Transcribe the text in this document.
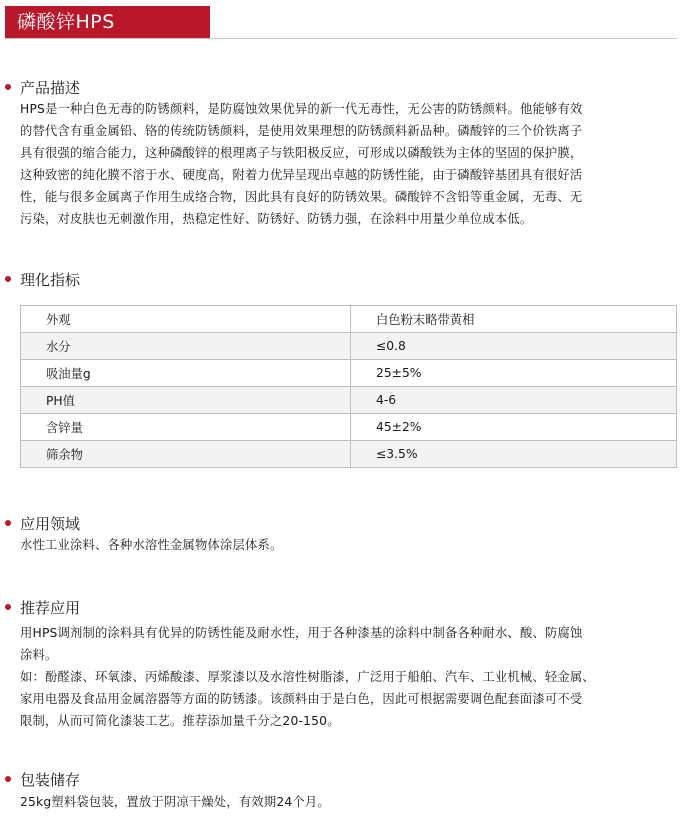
磷酸锌HPS
产品描述
HPS是一种白色无毒的防锈颜料，是防腐蚀效果优异的新一代无毒性，无公害的防锈颜料。他能够有效
的替代含有重金属铅、铬的传统防锈颜料，是使用效果理想的防锈颜料新品种。磷酸锌的三个价铁离子
具有很强的缩合能力，这种磷酸锌的根理离子与铁阳极反应，可形成以磷酸铁为主体的坚固的保护膜，
这种致密的纯化膜不溶于水、硬度高，附着力优异呈现出卓越的防锈性能，由于磷酸锌基团具有很好活
性，能与很多金属离子作用生成络合物，因此具有良好的防锈效果。磷酸锌不含铅等重金属，无毒、无
污染，对皮肤也无刺激作用，热稳定性好、防锈好、防锈力强，在涂料中用量少单位成本低。
理化指标
外观	白色粉末略带黄相
水分	≤0.8
吸油量g	25±5%
PH值	4-6
含锌量	45±2%
筛余物	≤3.5%
应用领域
水性工业涂料、各种水溶性金属物体涂层体系。
推荐应用
用HPS调剂制的涂料具有优异的防锈性能及耐水性，用于各种漆基的涂料中制备各种耐水、酸、防腐蚀
涂料。
如：酚醛漆、环氧漆、丙烯酸漆、厚浆漆以及水溶性树脂漆，广泛用于船舶、汽车、工业机械、轻金属、
家用电器及食品用金属溶器等方面的防锈漆。该颜料由于是白色，因此可根据需要调色配套面漆可不受
限制，从而可简化漆装工艺。推荐添加量千分之20-150。
包装储存
25kg塑料袋包装，置放于阴凉干燥处，有效期24个月。
